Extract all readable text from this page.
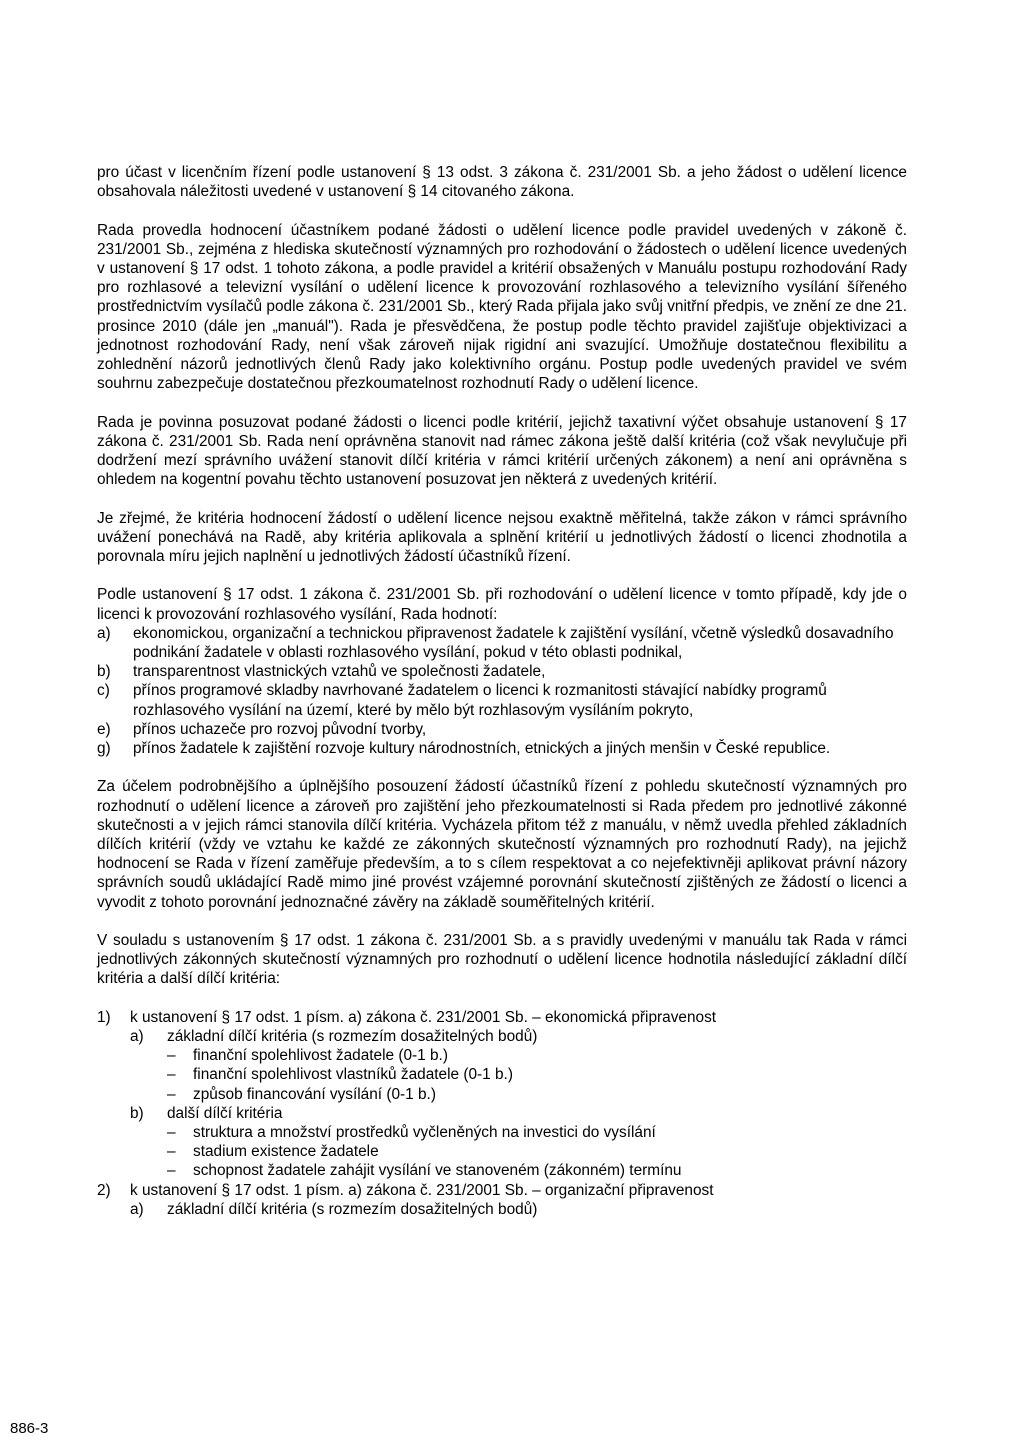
pro účast v licenčním řízení podle ustanovení § 13 odst. 3 zákona č. 231/2001 Sb. a jeho žádost o udělení licence obsahovala náležitosti uvedené v ustanovení § 14 citovaného zákona.

Rada provedla hodnocení účastníkem podané žádosti o udělení licence podle pravidel uvedených v zákoně č. 231/2001 Sb., zejména z hlediska skutečností významných pro rozhodování o žádostech o udělení licence uvedených v ustanovení § 17 odst. 1 tohoto zákona, a podle pravidel a kritérií obsažených v Manuálu postupu rozhodování Rady pro rozhlasové a televizní vysílání o udělení licence k provozování rozhlasového a televizního vysílání šířeného prostřednictvím vysílačů podle zákona č. 231/2001 Sb., který Rada přijala jako svůj vnitřní předpis, ve znění ze dne 21. prosince 2010 (dále jen „manuál"). Rada je přesvědčena, že postup podle těchto pravidel zajišťuje objektivizaci a jednotnost rozhodování Rady, není však zároveň nijak rigidní ani svazující. Umožňuje dostatečnou flexibilitu a zohlednění názorů jednotlivých členů Rady jako kolektivního orgánu. Postup podle uvedených pravidel ve svém souhrnu zabezpečuje dostatečnou přezkoumatelnost rozhodnutí Rady o udělení licence.

Rada je povinna posuzovat podané žádosti o licenci podle kritérií, jejichž taxativní výčet obsahuje ustanovení § 17 zákona č. 231/2001 Sb. Rada není oprávněna stanovit nad rámec zákona ještě další kritéria (což však nevylučuje při dodržení mezí správního uvážení stanovit dílčí kritéria v rámci kritérií určených zákonem) a není ani oprávněna s ohledem na kogentní povahu těchto ustanovení posuzovat jen některá z uvedených kritérií.

Je zřejmé, že kritéria hodnocení žádostí o udělení licence nejsou exaktně měřitelná, takže zákon v rámci správního uvážení ponechává na Radě, aby kritéria aplikovala a splnění kritérií u jednotlivých žádostí o licenci zhodnotila a porovnala míru jejich naplnění u jednotlivých žádostí účastníků řízení.

Podle ustanovení § 17 odst. 1 zákona č. 231/2001 Sb. při rozhodování o udělení licence v tomto případě, kdy jde o licenci k provozování rozhlasového vysílání, Rada hodnotí:

a)	ekonomickou, organizační a technickou připravenost žadatele k zajištění vysílání, včetně výsledků dosavadního podnikání žadatele v oblasti rozhlasového vysílání, pokud v této oblasti podnikal,
b)	transparentnost vlastnických vztahů ve společnosti žadatele,
c)	přínos programové skladby navrhované žadatelem o licenci k rozmanitosti stávající nabídky programů rozhlasového vysílání na území, které by mělo být rozhlasovým vysíláním pokryto,
e)	přínos uchazeče pro rozvoj původní tvorby,
g)	přínos žadatele k zajištění rozvoje kultury národnostních, etnických a jiných menšin v České republice.

Za účelem podrobnějšího a úplnějšího posouzení žádostí účastníků řízení z pohledu skutečností významných pro rozhodnutí o udělení licence a zároveň pro zajištění jeho přezkoumatelnosti si Rada předem pro jednotlivé zákonné skutečnosti a v jejich rámci stanovila dílčí kritéria. Vycházela přitom též z manuálu, v němž uvedla přehled základních dílčích kritérií (vždy ve vztahu ke každé ze zákonných skutečností významných pro rozhodnutí Rady), na jejichž hodnocení se Rada v řízení zaměřuje především, a to s cílem respektovat a co nejefektivněji aplikovat právní názory správních soudů ukládající Radě mimo jiné provést vzájemné porovnání skutečností zjištěných ze žádostí o licenci a vyvodit z tohoto porovnání jednoznačné závěry na základě souměřitelných kritérií.

V souladu s ustanovením § 17 odst. 1 zákona č. 231/2001 Sb. a s pravidly uvedenými v manuálu tak Rada v rámci jednotlivých zákonných skutečností významných pro rozhodnutí o udělení licence hodnotila následující základní dílčí kritéria a další dílčí kritéria:

1)	k ustanovení § 17 odst. 1 písm. a) zákona č. 231/2001 Sb. – ekonomická připravenost
a)	základní dílčí kritéria (s rozmezím dosažitelných bodů)
–	finanční spolehlivost žadatele (0-1 b.)
–	finanční spolehlivost vlastníků žadatele (0-1 b.)
–	způsob financování vysílání (0-1 b.)
b)	další dílčí kritéria
–	struktura a množství prostředků vyčleněných na investici do vysílání
–	stadium existence žadatele
–	schopnost žadatele zahájit vysílání ve stanoveném (zákonném) termínu
2)	k ustanovení § 17 odst. 1 písm. a) zákona č. 231/2001 Sb. – organizační připravenost
a)	základní dílčí kritéria (s rozmezím dosažitelných bodů)
886-3
